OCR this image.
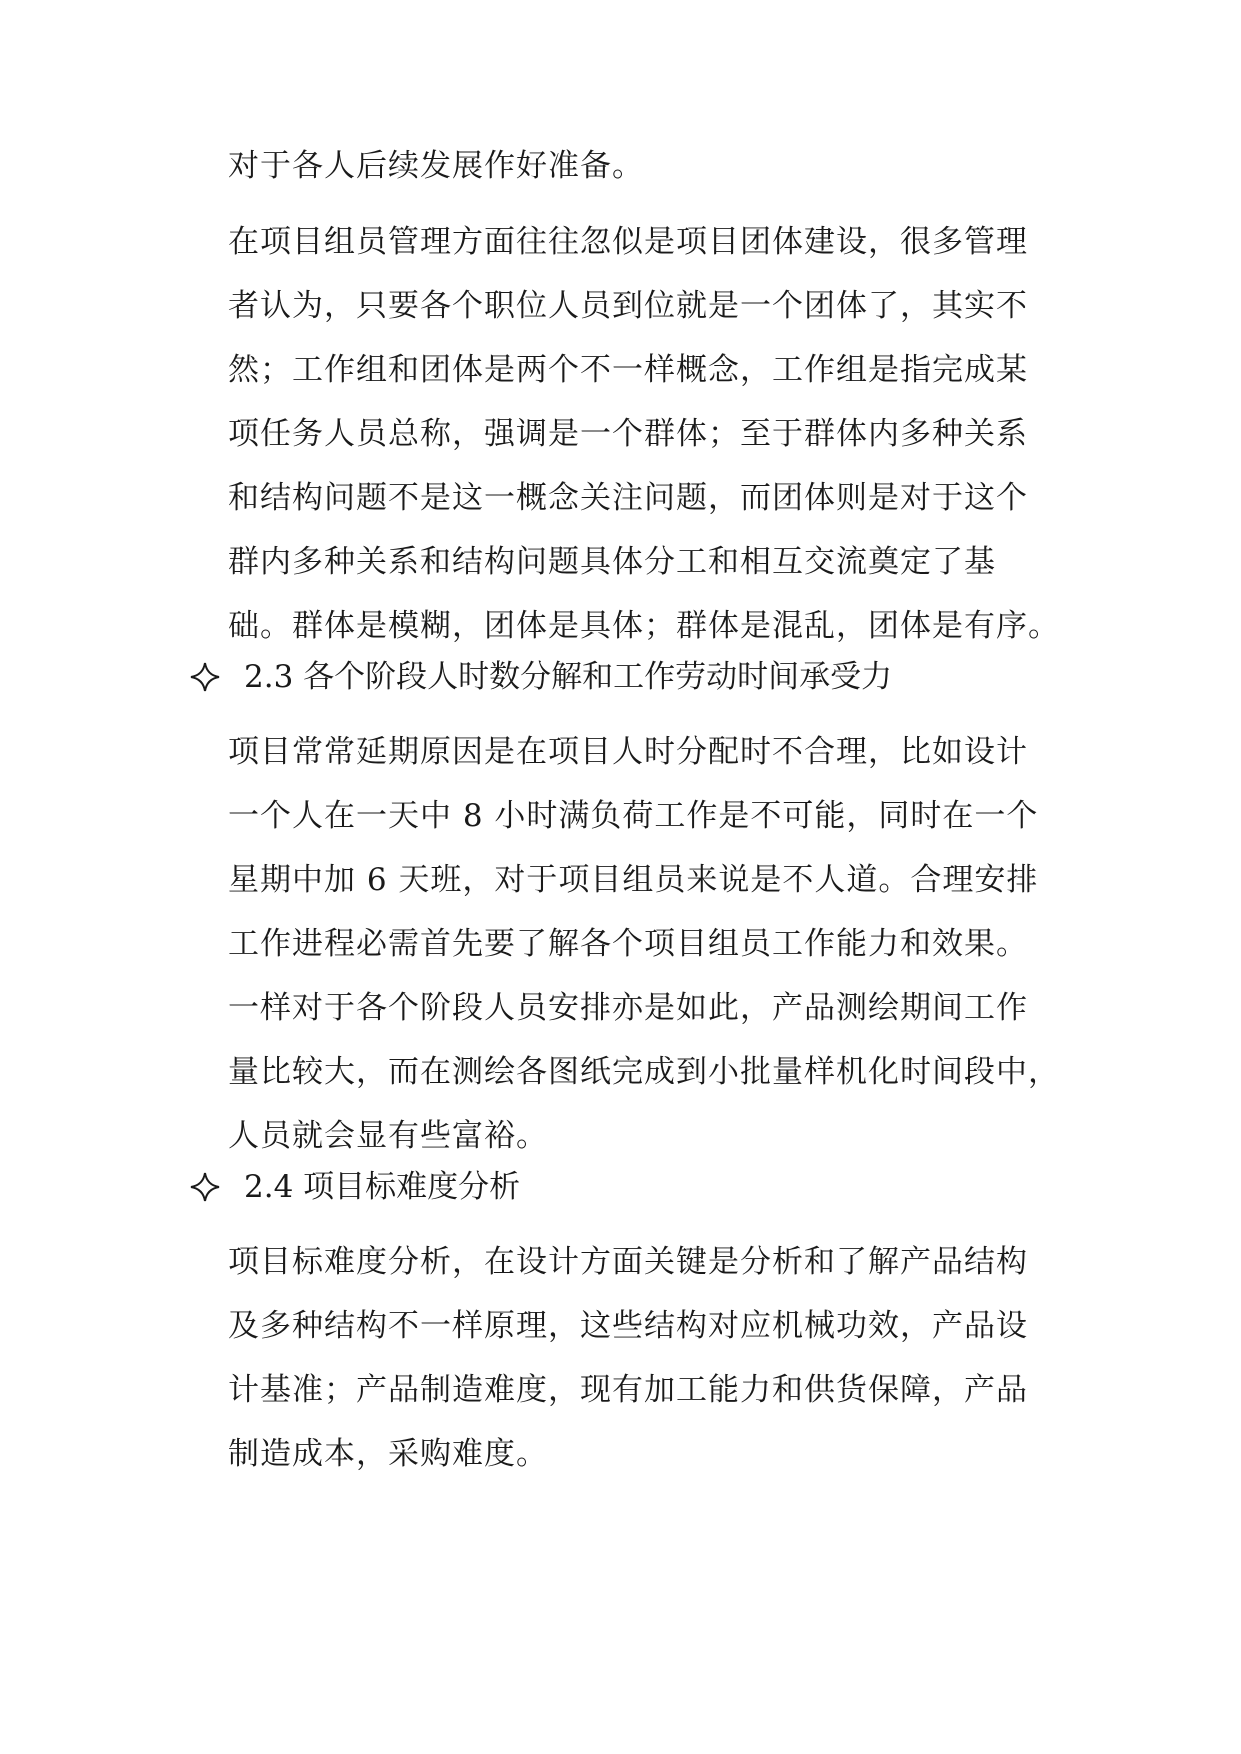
对于各人后续发展作好准备。
在项目组员管理方面往往忽似是项目团体建设，很多管理
者认为，只要各个职位人员到位就是一个团体了，其实不
然；工作组和团体是两个不一样概念，工作组是指完成某
项任务人员总称，强调是一个群体；至于群体内多种关系
和结构问题不是这一概念关注问题，而团体则是对于这个
群内多种关系和结构问题具体分工和相互交流奠定了基
础。群体是模糊，团体是具体；群体是混乱，团体是有序。
2.3 各个阶段人时数分解和工作劳动时间承受力
项目常常延期原因是在项目人时分配时不合理，比如设计
一个人在一天中 8 小时满负荷工作是不可能，同时在一个
星期中加 6 天班，对于项目组员来说是不人道。合理安排
工作进程必需首先要了解各个项目组员工作能力和效果。
一样对于各个阶段人员安排亦是如此，产品测绘期间工作
量比较大，而在测绘各图纸完成到小批量样机化时间段中，
人员就会显有些富裕。
2.4 项目标难度分析
项目标难度分析，在设计方面关键是分析和了解产品结构
及多种结构不一样原理，这些结构对应机械功效，产品设
计基准；产品制造难度，现有加工能力和供货保障，产品
制造成本，采购难度。
